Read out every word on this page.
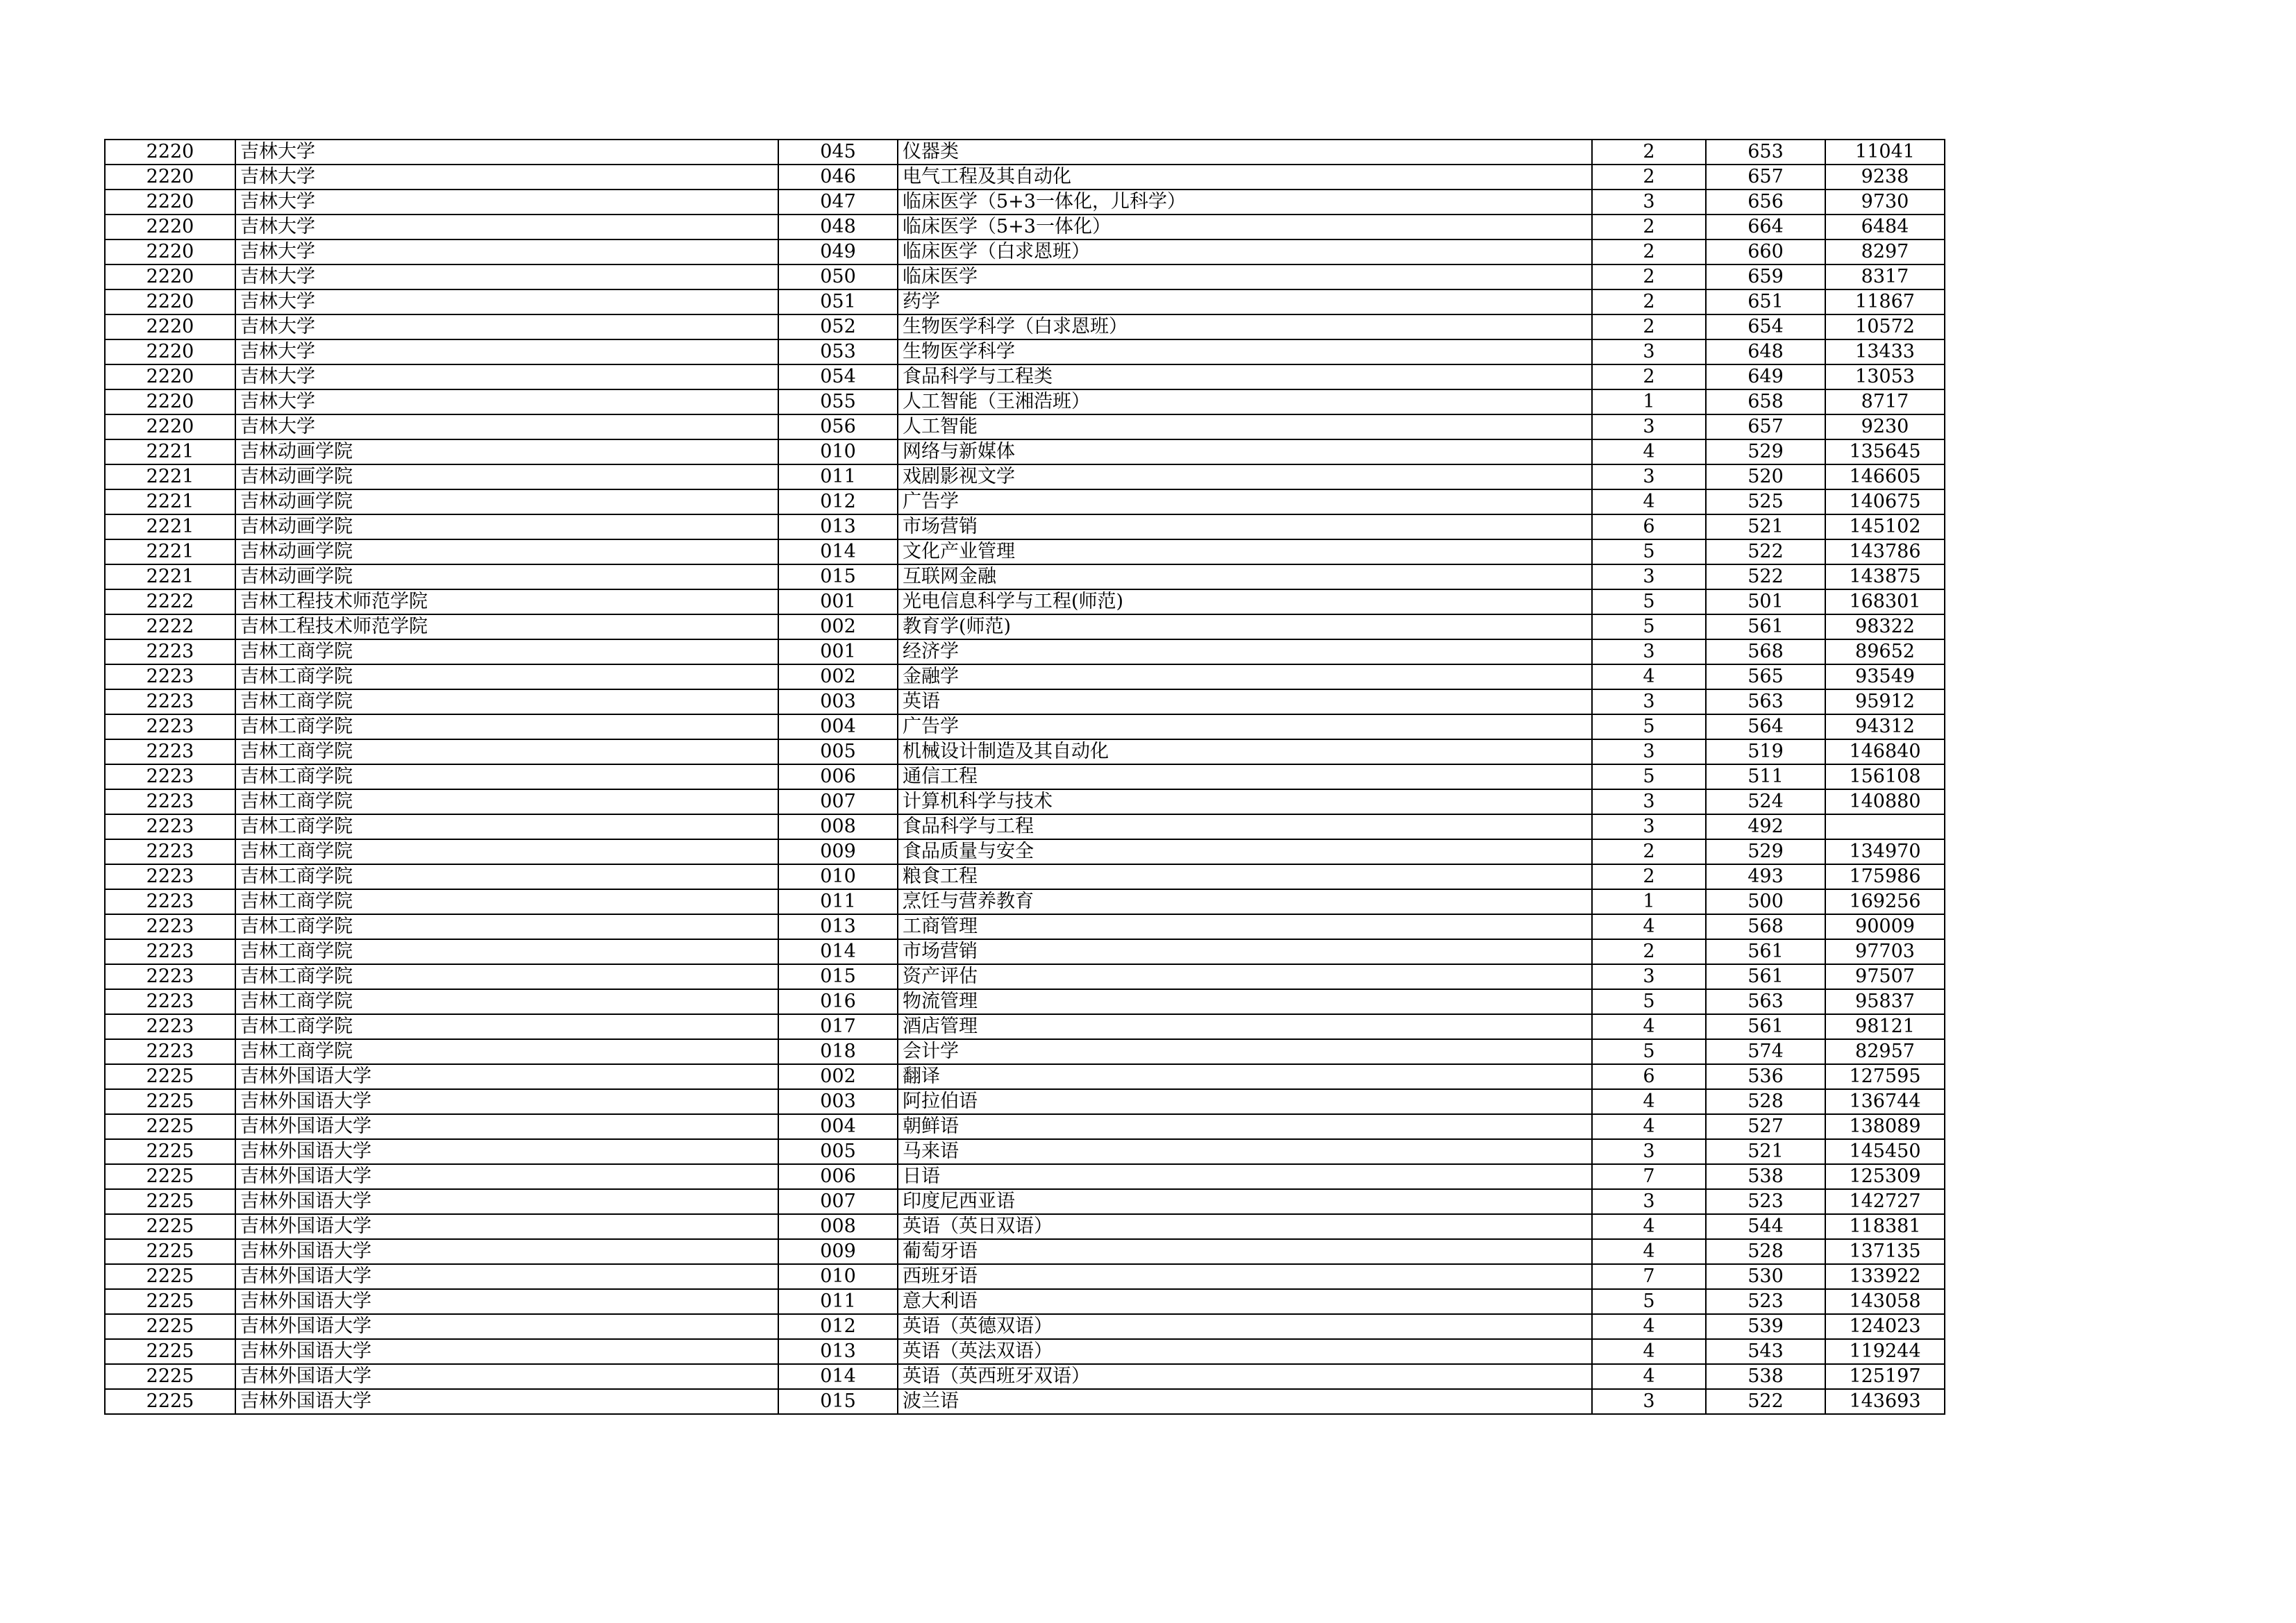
2220	吉林大学	045	仪器类	2	653	11041
2220	吉林大学	046	电气工程及其自动化	2	657	9238
2220	吉林大学	047	临床医学（5+3一体化，儿科学）	3	656	9730
2220	吉林大学	048	临床医学（5+3一体化）	2	664	6484
2220	吉林大学	049	临床医学（白求恩班）	2	660	8297
2220	吉林大学	050	临床医学	2	659	8317
2220	吉林大学	051	药学	2	651	11867
2220	吉林大学	052	生物医学科学（白求恩班）	2	654	10572
2220	吉林大学	053	生物医学科学	3	648	13433
2220	吉林大学	054	食品科学与工程类	2	649	13053
2220	吉林大学	055	人工智能（王湘浩班）	1	658	8717
2220	吉林大学	056	人工智能	3	657	9230
2221	吉林动画学院	010	网络与新媒体	4	529	135645
2221	吉林动画学院	011	戏剧影视文学	3	520	146605
2221	吉林动画学院	012	广告学	4	525	140675
2221	吉林动画学院	013	市场营销	6	521	145102
2221	吉林动画学院	014	文化产业管理	5	522	143786
2221	吉林动画学院	015	互联网金融	3	522	143875
2222	吉林工程技术师范学院	001	光电信息科学与工程(师范)	5	501	168301
2222	吉林工程技术师范学院	002	教育学(师范)	5	561	98322
2223	吉林工商学院	001	经济学	3	568	89652
2223	吉林工商学院	002	金融学	4	565	93549
2223	吉林工商学院	003	英语	3	563	95912
2223	吉林工商学院	004	广告学	5	564	94312
2223	吉林工商学院	005	机械设计制造及其自动化	3	519	146840
2223	吉林工商学院	006	通信工程	5	511	156108
2223	吉林工商学院	007	计算机科学与技术	3	524	140880
2223	吉林工商学院	008	食品科学与工程	3	492	
2223	吉林工商学院	009	食品质量与安全	2	529	134970
2223	吉林工商学院	010	粮食工程	2	493	175986
2223	吉林工商学院	011	烹饪与营养教育	1	500	169256
2223	吉林工商学院	013	工商管理	4	568	90009
2223	吉林工商学院	014	市场营销	2	561	97703
2223	吉林工商学院	015	资产评估	3	561	97507
2223	吉林工商学院	016	物流管理	5	563	95837
2223	吉林工商学院	017	酒店管理	4	561	98121
2223	吉林工商学院	018	会计学	5	574	82957
2225	吉林外国语大学	002	翻译	6	536	127595
2225	吉林外国语大学	003	阿拉伯语	4	528	136744
2225	吉林外国语大学	004	朝鲜语	4	527	138089
2225	吉林外国语大学	005	马来语	3	521	145450
2225	吉林外国语大学	006	日语	7	538	125309
2225	吉林外国语大学	007	印度尼西亚语	3	523	142727
2225	吉林外国语大学	008	英语（英日双语）	4	544	118381
2225	吉林外国语大学	009	葡萄牙语	4	528	137135
2225	吉林外国语大学	010	西班牙语	7	530	133922
2225	吉林外国语大学	011	意大利语	5	523	143058
2225	吉林外国语大学	012	英语（英德双语）	4	539	124023
2225	吉林外国语大学	013	英语（英法双语）	4	543	119244
2225	吉林外国语大学	014	英语（英西班牙双语）	4	538	125197
2225	吉林外国语大学	015	波兰语	3	522	143693
